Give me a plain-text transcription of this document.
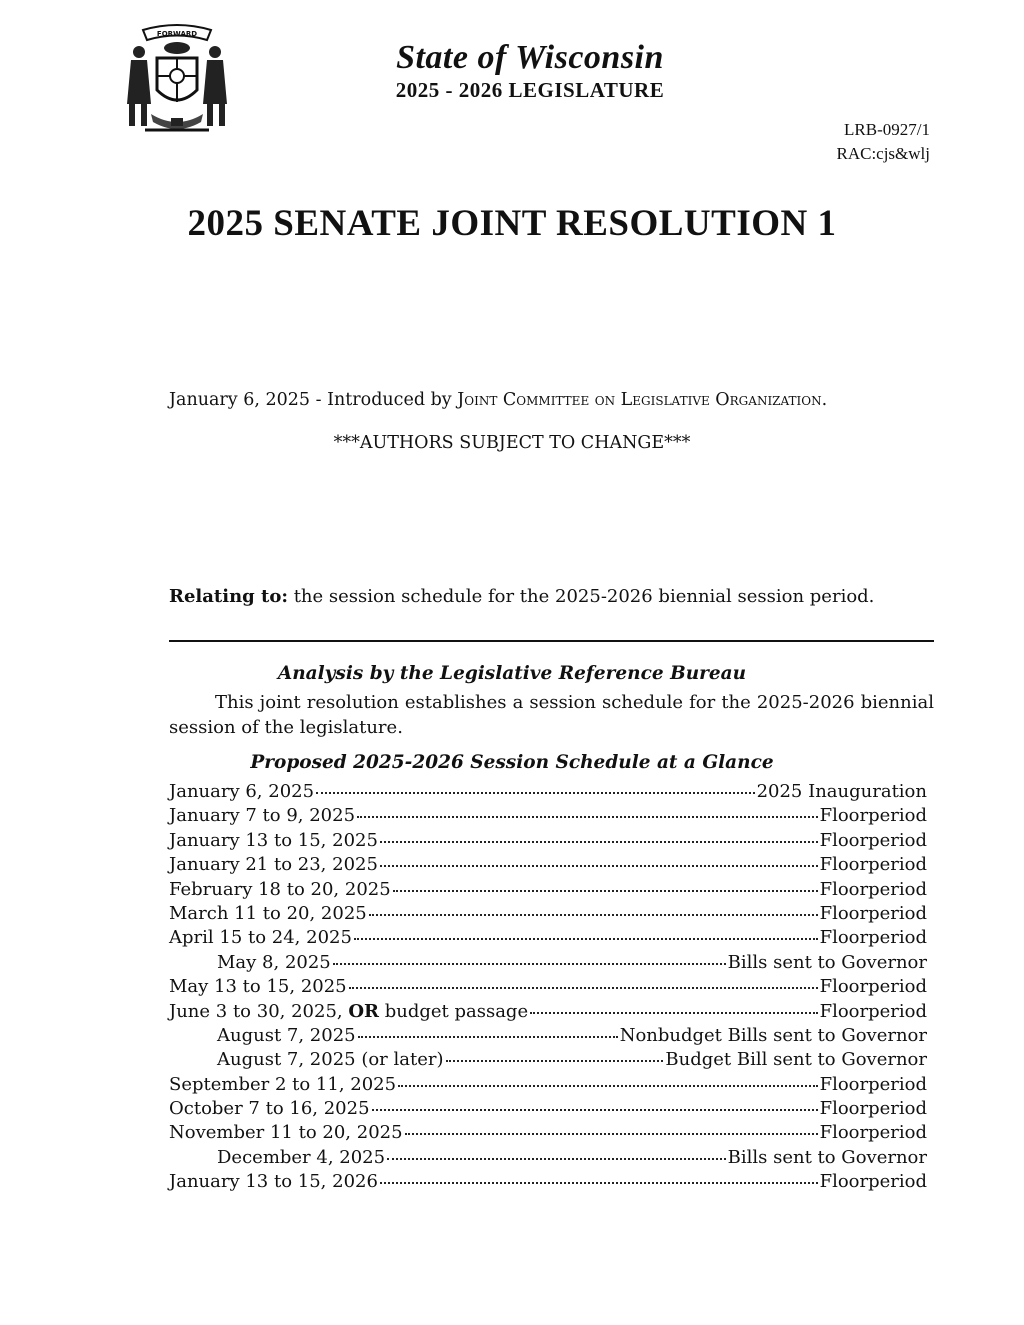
FORWARD
State of Wisconsin
2025 - 2026 LEGISLATURE
LRB-0927/1
RAC:cjs&wlj
2025 SENATE JOINT RESOLUTION 1
January 6, 2025 - Introduced by Joint Committee on Legislative Organization.
***AUTHORS SUBJECT TO CHANGE***
Relating to: the session schedule for the 2025-2026 biennial session period.
Analysis by the Legislative Reference Bureau
This joint resolution establishes a session schedule for the 2025-2026 biennial session of the legislature.
Proposed 2025-2026 Session Schedule at a Glance
January 6, 2025	2025 Inauguration
January 7 to 9, 2025	Floorperiod
January 13 to 15, 2025	Floorperiod
January 21 to 23, 2025	Floorperiod
February 18 to 20, 2025	Floorperiod
March 11 to 20, 2025	Floorperiod
April 15 to 24, 2025	Floorperiod
May 8, 2025	Bills sent to Governor
May 13 to 15, 2025	Floorperiod
June 3 to 30, 2025, OR budget passage	Floorperiod
August 7, 2025	Nonbudget Bills sent to Governor
August 7, 2025 (or later)	Budget Bill sent to Governor
September 2 to 11, 2025	Floorperiod
October 7 to 16, 2025	Floorperiod
November 11 to 20, 2025	Floorperiod
December 4, 2025	Bills sent to Governor
January 13 to 15, 2026	Floorperiod
